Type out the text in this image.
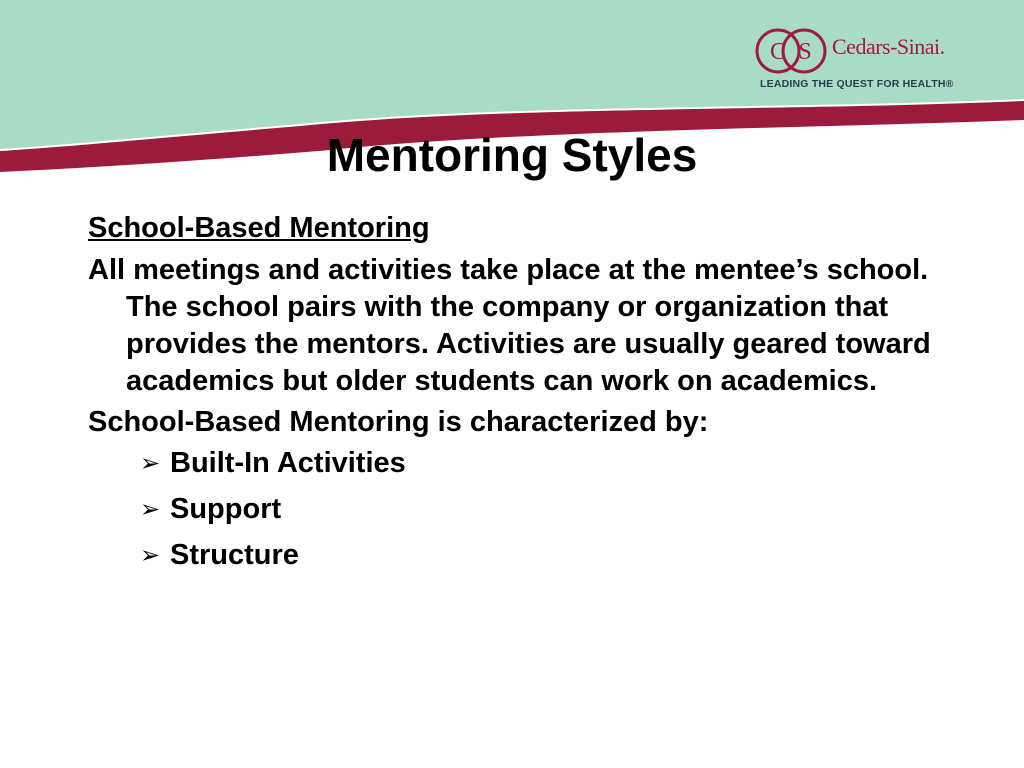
C S Cedars-Sinai.
LEADING THE QUEST FOR HEALTH®
Mentoring Styles

School-Based Mentoring

All meetings and activities take place at the mentee’s school. The school pairs with the company or organization that provides the mentors. Activities are usually geared toward academics but older students can work on academics.

School-Based Mentoring is characterized by:

➢ Built-In Activities
➢ Support
➢ Structure
